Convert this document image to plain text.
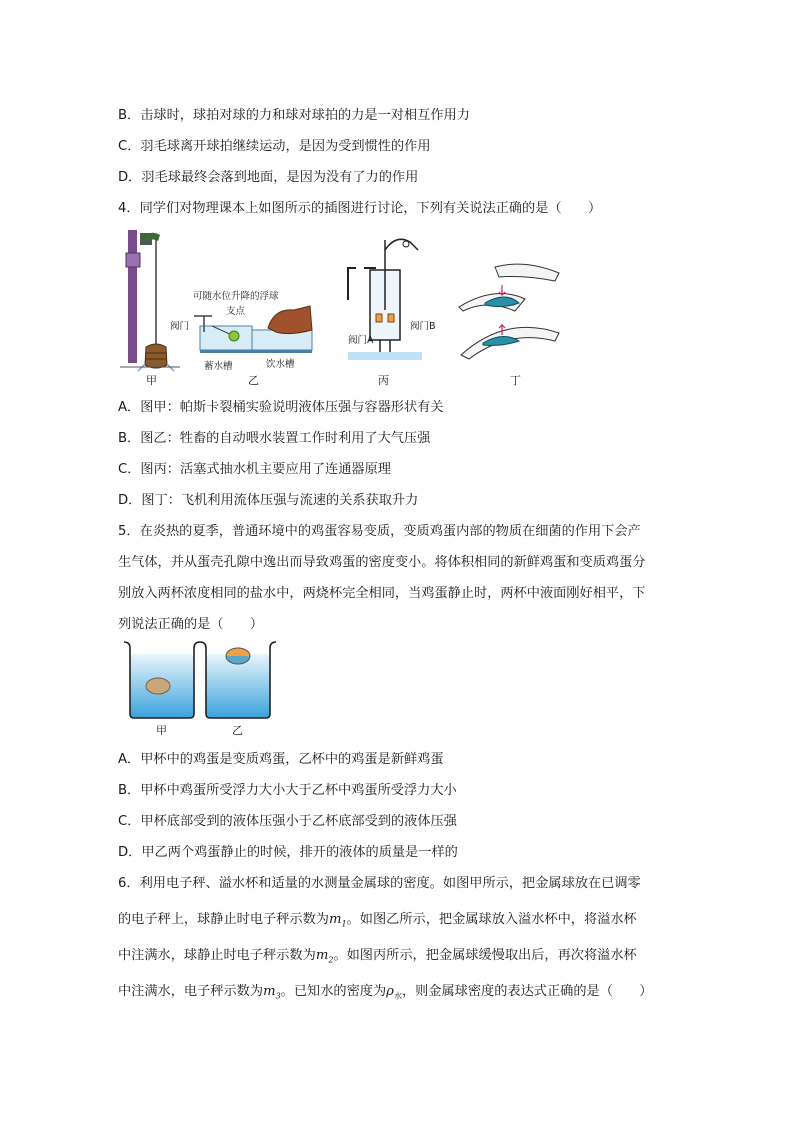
B．击球时，球拍对球的力和球对球拍的力是一对相互作用力
C．羽毛球离开球拍继续运动，是因为受到惯性的作用
D．羽毛球最终会落到地面，是因为没有了力的作用
4．同学们对物理课本上如图所示的插图进行讨论，下列有关说法正确的是（　　）
甲
可随水位升降的浮球
支点
阀门
蓄水槽	饮水槽
乙
阀门B
阀门A
丙	丁
A．图甲：帕斯卡裂桶实验说明液体压强与容器形状有关
B．图乙：牲畜的自动喂水装置工作时利用了大气压强
C．图丙：活塞式抽水机主要应用了连通器原理
D．图丁：飞机利用流体压强与流速的关系获取升力
5．在炎热的夏季，普通环境中的鸡蛋容易变质，变质鸡蛋内部的物质在细菌的作用下会产
生气体，并从蛋壳孔隙中逸出而导致鸡蛋的密度变小。将体积相同的新鲜鸡蛋和变质鸡蛋分
别放入两杯浓度相同的盐水中，两烧杯完全相同，当鸡蛋静止时，两杯中液面刚好相平，下
列说法正确的是（　　）
甲	乙
A．甲杯中的鸡蛋是变质鸡蛋，乙杯中的鸡蛋是新鲜鸡蛋
B．甲杯中鸡蛋所受浮力大小大于乙杯中鸡蛋所受浮力大小
C．甲杯底部受到的液体压强小于乙杯底部受到的液体压强
D．甲乙两个鸡蛋静止的时候，排开的液体的质量是一样的
6．利用电子秤、溢水杯和适量的水测量金属球的密度。如图甲所示，把金属球放在已调零
的电子秤上，球静止时电子秤示数为$m_1$。如图乙所示，把金属球放入溢水杯中，将溢水杯
中注满水，球静止时电子秤示数为$m_2$。如图丙所示，把金属球缓慢取出后，再次将溢水杯
中注满水，电子秤示数为$m_3$。已知水的密度为$\rho_水$，则金属球密度的表达式正确的是（　　）
